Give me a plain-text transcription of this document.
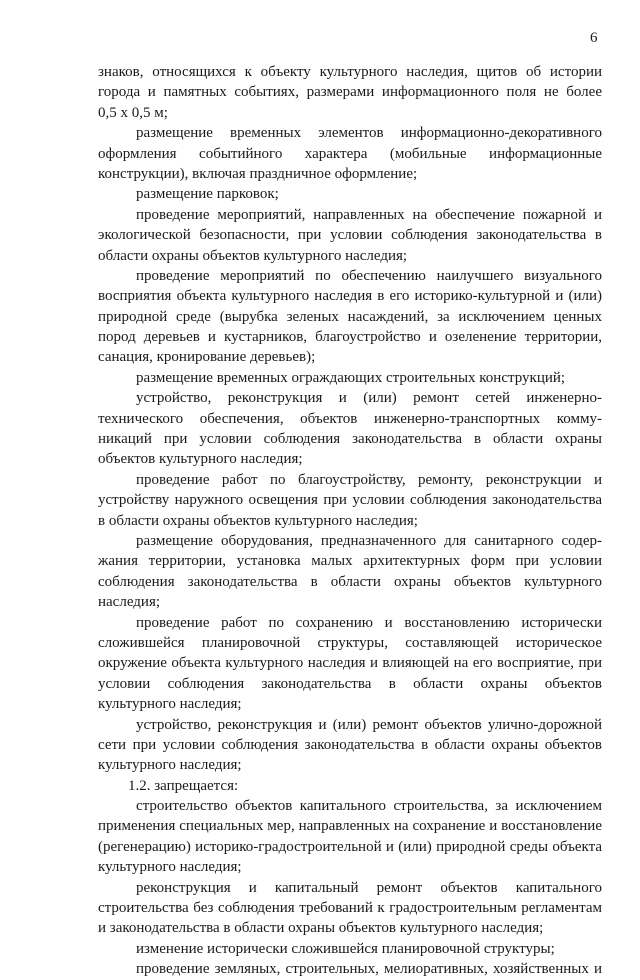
6
знаков, относящихся к объекту культурного наследия, щитов об истории
города и памятных событиях, размерами информационного поля не более
0,5 х 0,5 м;
размещение временных элементов информационно-декоративного
оформления событийного характера (мобильные информационные
конструкции), включая праздничное оформление;
размещение парковок;
проведение мероприятий, направленных на обеспечение пожарной и
экологической безопасности, при условии соблюдения законодательства в
области охраны объектов культурного наследия;
проведение мероприятий по обеспечению наилучшего визуального
восприятия объекта культурного наследия в его историко-культурной и (или)
природной среде (вырубка зеленых насаждений, за исключением ценных
пород деревьев и кустарников, благоустройство и озеленение территории,
санация, кронирование деревьев);
размещение временных ограждающих строительных конструкций;
устройство, реконструкция и (или) ремонт сетей инженерно-
технического обеспечения, объектов инженерно-транспортных комму-
никаций при условии соблюдения законодательства в области охраны
объектов культурного наследия;
проведение работ по благоустройству, ремонту, реконструкции и
устройству наружного освещения при условии соблюдения законодательства
в области охраны объектов культурного наследия;
размещение оборудования, предназначенного для санитарного содер-
жания территории, установка малых архитектурных форм при условии
соблюдения законодательства в области охраны объектов культурного
наследия;
проведение работ по сохранению и восстановлению исторически
сложившейся планировочной структуры, составляющей историческое
окружение объекта культурного наследия и влияющей на его восприятие, при
условии соблюдения законодательства в области охраны объектов
культурного наследия;
устройство, реконструкция и (или) ремонт объектов улично-дорожной
сети при условии соблюдения законодательства в области охраны объектов
культурного наследия;
1.2. запрещается:
строительство объектов капитального строительства, за исключением
применения специальных мер, направленных на сохранение и восстановление
(регенерацию) историко-градостроительной и (или) природной среды объекта
культурного наследия;
реконструкция и капитальный ремонт объектов капитального
строительства без соблюдения требований к градостроительным регламентам
и законодательства в области охраны объектов культурного наследия;
изменение исторически сложившейся планировочной структуры;
проведение земляных, строительных, мелиоративных, хозяйственных и
